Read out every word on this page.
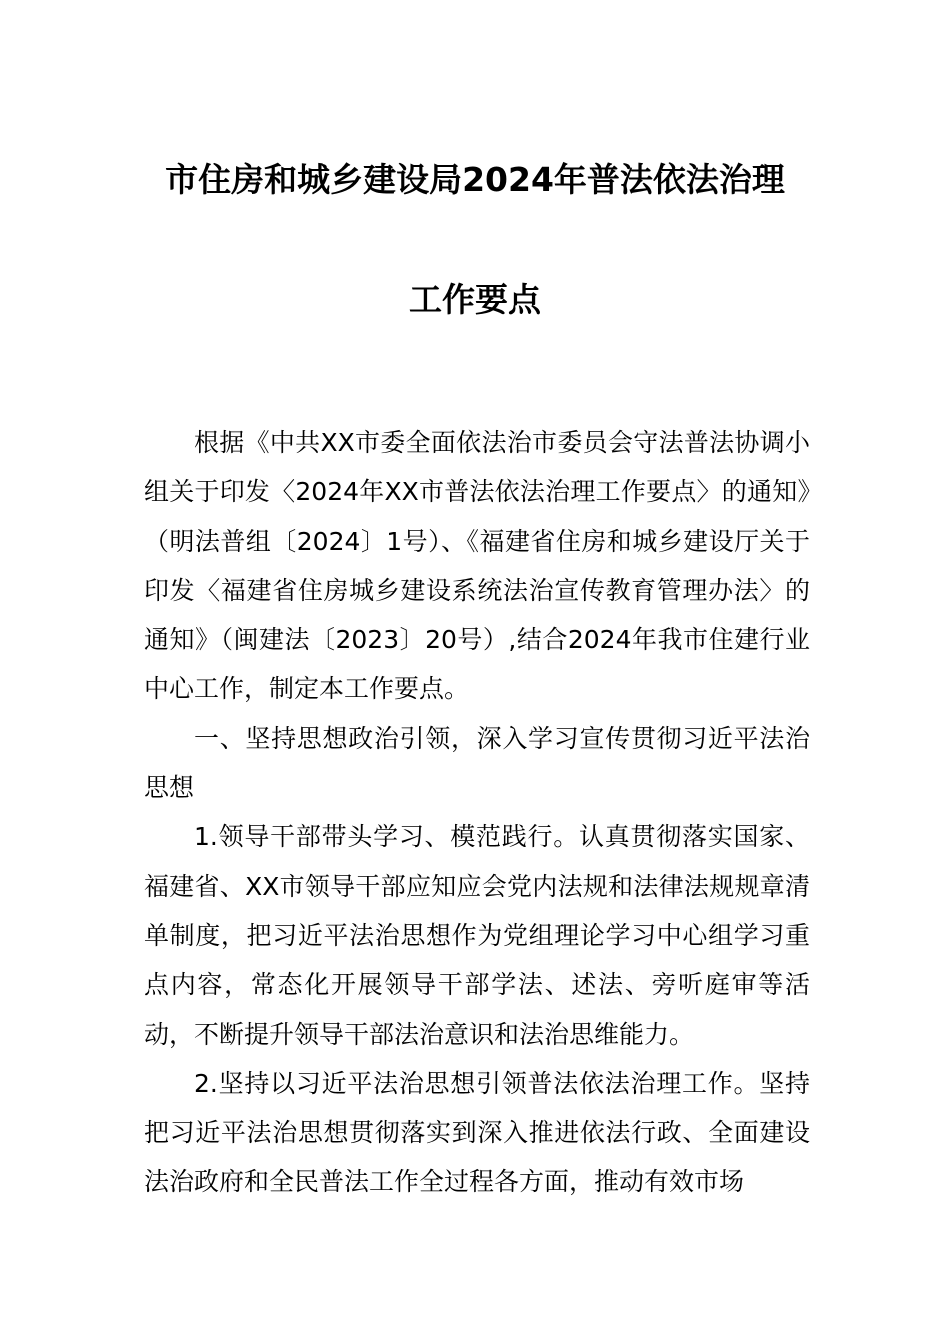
市住房和城乡建设局2024年普法依法治理
工作要点

根据《中共XX市委全面依法治市委员会守法普法协调小组关于印发〈2024年XX市普法依法治理工作要点〉的通知》（明法普组〔2024〕1号）、《福建省住房和城乡建设厅关于印发〈福建省住房城乡建设系统法治宣传教育管理办法〉的通知》（闽建法〔2023〕20号）,结合2024年我市住建行业中心工作，制定本工作要点。

一、坚持思想政治引领，深入学习宣传贯彻习近平法治思想

1.领导干部带头学习、模范践行。认真贯彻落实国家、福建省、XX市领导干部应知应会党内法规和法律法规规章清单制度，把习近平法治思想作为党组理论学习中心组学习重点内容，常态化开展领导干部学法、述法、旁听庭审等活动，不断提升领导干部法治意识和法治思维能力。

2.坚持以习近平法治思想引领普法依法治理工作。坚持把习近平法治思想贯彻落实到深入推进依法行政、全面建设法治政府和全民普法工作全过程各方面，推动有效市场
